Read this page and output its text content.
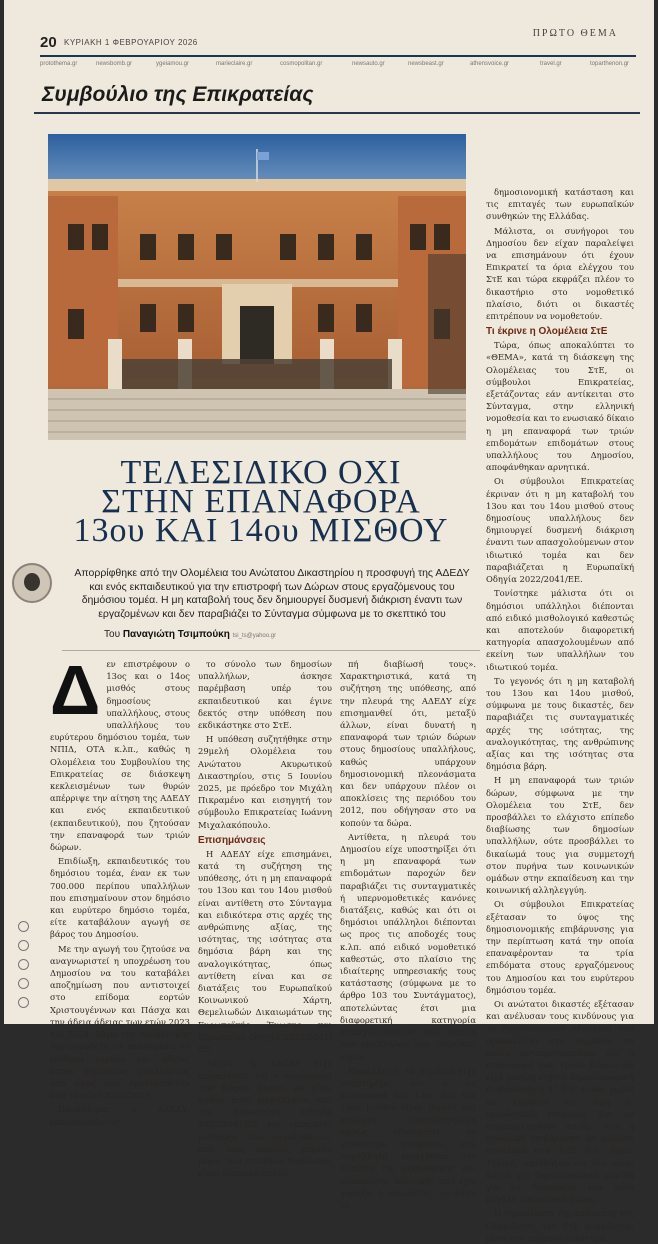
20 ΚΥΡΙΑΚΗ 1 ΦΕΒΡΟΥΑΡΙΟΥ 2026
ΠΡΩΤΟ ΘΕΜΑ
protothema.gr	newsbomb.gr	ygeiamou.gr	marieclaire.gr	cosmopolitan.gr	newsauto.gr	newsbeast.gr	athensvoice.gr	travel.gr	toparthenon.gr
Συμβούλιο της Επικρατείας
ΤΕΛΕΣΙΔΙΚΟ ΟΧΙ
ΣΤΗΝ ΕΠΑΝΑΦΟΡΑ
13ου ΚΑΙ 14ου ΜΙΣΘΟΥ
Απορρίφθηκε από την Ολομέλεια του Ανώτατου Δικαστηρίου η προσφυγή της ΑΔΕΔΥ και ενός εκπαιδευτικού για την επιστροφή των Δώρων στους εργαζόμενους του δημόσιου τομέα. Η μη καταβολή τους δεν δημιουργεί δυσμενή διάκριση έναντι των εργαζομένων και δεν παραβιάζει το Σύνταγμα σύμφωνα με το σκεπτικό του
Του Παναγιώτη Τσιμπούκη tsi_ts@yahoo.gr
Δ εν επιστρέφουν ο 13ος και ο 14ος μισθός στους δημοσίους υπαλλήλους, στους υπαλλήλους του ευρύτερου δημόσιου τομέα, των ΝΠΙΔ, ΟΤΑ κ.λπ., καθώς η Ολομέλεια του Συμβουλίου της Επικρατείας σε διάσκεψη κεκλεισμένων των θυρών απέρριψε την αίτηση της ΑΔΕΔΥ και ενός εκπαιδευτικού (εκπαιδευτικού), που ζητούσαν την επαναφορά των τριών δώρων.

Επιδίωξη, εκπαιδευτικός του δημόσιου τομέα, έναν εκ των 700.000 περίπου υπαλλήλων που επισημαίνουν στον δημόσιο και ευρύτερο δημόσιο τομέα, είτε καταβάλουν αγωγή σε βάρος του Δημοσίου.

Με την αγωγή του ζητούσε να αναγνωριστεί η υποχρέωση του Δημοσίου να του καταβάλει αποζημίωση που αντιστοιχεί στο επίδομα εορτών Χριστουγέννων και Πάσχα και την άδεια άδειας των ετών 2023 και 2024, λόγω της παράλειψης του νομοθέτη να επαναφέρει το επίδομα εορτών και αδείας στους δημόσιους υπαλλήλους στο ύψος που προβλέπονταν από το νόμο 3205/2003.

Παράλληλα, η ΑΔΕΔΥ, εκπροσωπώντας

το σύνολο των δημοσίων υπαλλήλων, άσκησε παρέμβαση υπέρ του εκπαιδευτικού και έγινε δεκτός στην υπόθεση που εκδικάστηκε στο ΣτΕ.

Η υπόθεση συζητήθηκε στην 29μελή Ολομέλεια του Ανώτατου Ακυρωτικού Δικαστηρίου, στις 5 Ιουνίου 2025, με πρόεδρο τον Μιχάλη Πικραμένο και εισηγητή τον σύμβουλο Επικρατείας Ιωάννη Μιχαλακόπουλο.

Επισημάνσεις

Η ΑΔΕΔΥ είχε επισημάνει, κατά τη συζήτηση της υπόθεσης, ότι η μη επαναφορά του 13ου και του 14ου μισθού είναι αντίθετη στο Σύνταγμα και ειδικότερα στις αρχές της ανθρώπινης αξίας, της ισότητας, της ισότητας στα δημόσια βάρη και της αναλογικότητας, όπως αντίθετη είναι και σε διατάξεις του Ευρωπαϊκού Κοινωνικού Χάρτη, Θεμελιωδών Δικαιωμάτων της Ευρωπαϊκής Ένωσης και Ευρωπαϊκή Οδηγία 2022/2041/ΕΕ.

Ακόμη, η ΑΔΕΔΥ είχε επικαλεστεί ότι η επαναφορά των δώρων πρέπει να γίνει καθώς αυτό επιβάλλεται από την Ευρωπαϊκή Οδηγία 2022/2041/ΕΕ για «επαρκείς μισθούς» των εργαζομένων, από τους οποίους μεγάλο μέρος των επιπέδων διαβίωσης είναι διασφαλισμένο.

πή διαβίωσή τους». Χαρακτηριστικά, κατά τη συζήτηση της υπόθεσης, από την πλευρά της ΑΔΕΔΥ είχε επισημανθεί ότι, μεταξύ άλλων, είναι δυνατή η επαναφορά των τριών δώρων στους δημοσίους υπαλλήλους, καθώς υπάρχουν δημοσιονομική πλεονάσματα και δεν υπάρχουν πλέον οι αποκλίσεις της περιόδου του 2012, που οδήγησαν στο να κοπούν τα δώρα.

Αντίθετα, η πλευρά του Δημοσίου είχε υποστηρίξει ότι η μη επαναφορά των επιδομάτων παροχών δεν παραβιάζει τις συνταγματικές ή υπερνομοθετικές κανόνες διατάξεις, καθώς και ότι οι δημόσιοι υπάλληλοι διέπονται ως προς τις αποδοχές τους κ.λπ. από ειδικό νομοθετικό καθεστώς, στο πλαίσιο της ιδιαίτερης υπηρεσιακής τους κατάστασης (σύμφωνα με το άρθρο 103 του Συντάγματος), αποτελώντας έτσι μια διαφορετική κατηγορία απασχολούμενων από εκείνη των υπαλλήλων του ιδιωτικού τομέα.

Παράλληλα, το Δημόσιο είχε υποστηρίξει ότι η μη επαναφορά του 13ου και του 14ου μισθού είναι θεμιτή και απόλυτα δικαιολογημένη καθώς εξυπηρετεί το γενικότερο συμφέρον, ενώ παράλληλα ενισχύεται στο πλαίσιο της οικονομικής και κοινωνικής πολιτικής που έχει χαράξει ο νομοθέτης, με βάση τη

δημοσιονομική κατάσταση και τις επιταγές των ευρωπαϊκών συνθηκών της Ελλάδας.

Μάλιστα, οι συνήγοροι του Δημοσίου δεν είχαν παραλείψει να επισημάνουν ότι έχουν Επικρατεί τα όρια ελέγχου του ΣτΕ και τώρα εκφράζει πλέον το δικαστήριο στο νομοθετικό πλαίσιο, διότι οι δικαστές επιτρέπουν να νομοθετούν.

Τι έκρινε η Ολομέλεια ΣτΕ

Τώρα, όπως αποκαλύπτει το «ΘΕΜΑ», κατά τη διάσκεψη της Ολομέλειας του ΣτΕ, οι σύμβουλοι Επικρατείας, εξετάζοντας εάν αντίκειται στο Σύνταγμα, στην ελληνική νομοθεσία και το ενωσιακό δίκαιο η μη επαναφορά των τριών επιδομάτων επιδομάτων στους υπαλλήλους του Δημοσίου, αποφάνθηκαν αρνητικά.

Οι σύμβουλοι Επικρατείας έκριναν ότι η μη καταβολή του 13ου και του 14ου μισθού στους δημοσίους υπαλλήλους δεν δημιουργεί δυσμενή διάκριση έναντι των απασχολούμενων στον ιδιωτικό τομέα και δεν παραβιάζεται η Ευρωπαϊκή Οδηγία 2022/2041/ΕΕ.

Τονίστηκε μάλιστα ότι οι δημόσιοι υπάλληλοι διέπονται από ειδικό μισθολογικό καθεστώς και αποτελούν διαφορετική κατηγορία απασχολουμένων από εκείνη των υπαλλήλων του ιδιωτικού τομέα.

Το γεγονός ότι η μη καταβολή του 13ου και 14ου μισθού, σύμφωνα με τους δικαστές, δεν παραβιάζει τις συνταγματικές αρχές της ισότητας, της αναλογικότητας, της ανθρώπινης αξίας και της ισότητας στα δημόσια βάρη.

Η μη επαναφορά των τριών δώρων, σύμφωνα με την Ολομέλεια του ΣτΕ, δεν προσβάλλει το ελάχιστο επίπεδο διαβίωσης των δημοσίων υπαλλήλων, ούτε προσβάλλει το δικαίωμά τους για συμμετοχή στον πυρήνα των κοινωνικών ομάδων στην εκπαίδευση και την κοινωνική αλληλεγγύη.

Οι σύμβουλοι Επικρατείας εξέτασαν το ύψος της δημοσιονομικής επιβάρυνσης για την περίπτωση κατά την οποία επαναφέρονταν τα τρία επιδόματα στους εργαζόμενους του Δημοσίου και του ευρύτερου δημόσιου τομέα.

Οι ανώτατοι δικαστές εξέτασαν και ανέλυσαν τους κινδύνους για τη δημοσιονομική αδυναμία που προκαλείται στο Δημόσιο, τα οποία αντιπροσωπεύουν ότι η επαναφορά των τριών δώρων θα είχε μόνιμη ετήσια δημοσιονομική επιβάρυνση 1,37 δισ. ευρώ, χωρίς να ληφθούν υπ' όψη οι εργοδοτικές εισφορές. Και αν συμπεριληφθούν αυτές, τότε η συνολική επιβάρυνση θα ανέλθει συνολικά στα 1,55 δισ. ευρώ. Τελικά, κατέληξαν ότι δεν είναι άριμα για δημοσιονομικά μεγέθη για να δεσμεύουν ένα τόσο μεγάλο οικονομικό βάρος.

Η δημοσίευση της απόφασης της Ολομέλειας του ΣτΕ αναμένεται μέσα στο επόμενο διάστημα.
